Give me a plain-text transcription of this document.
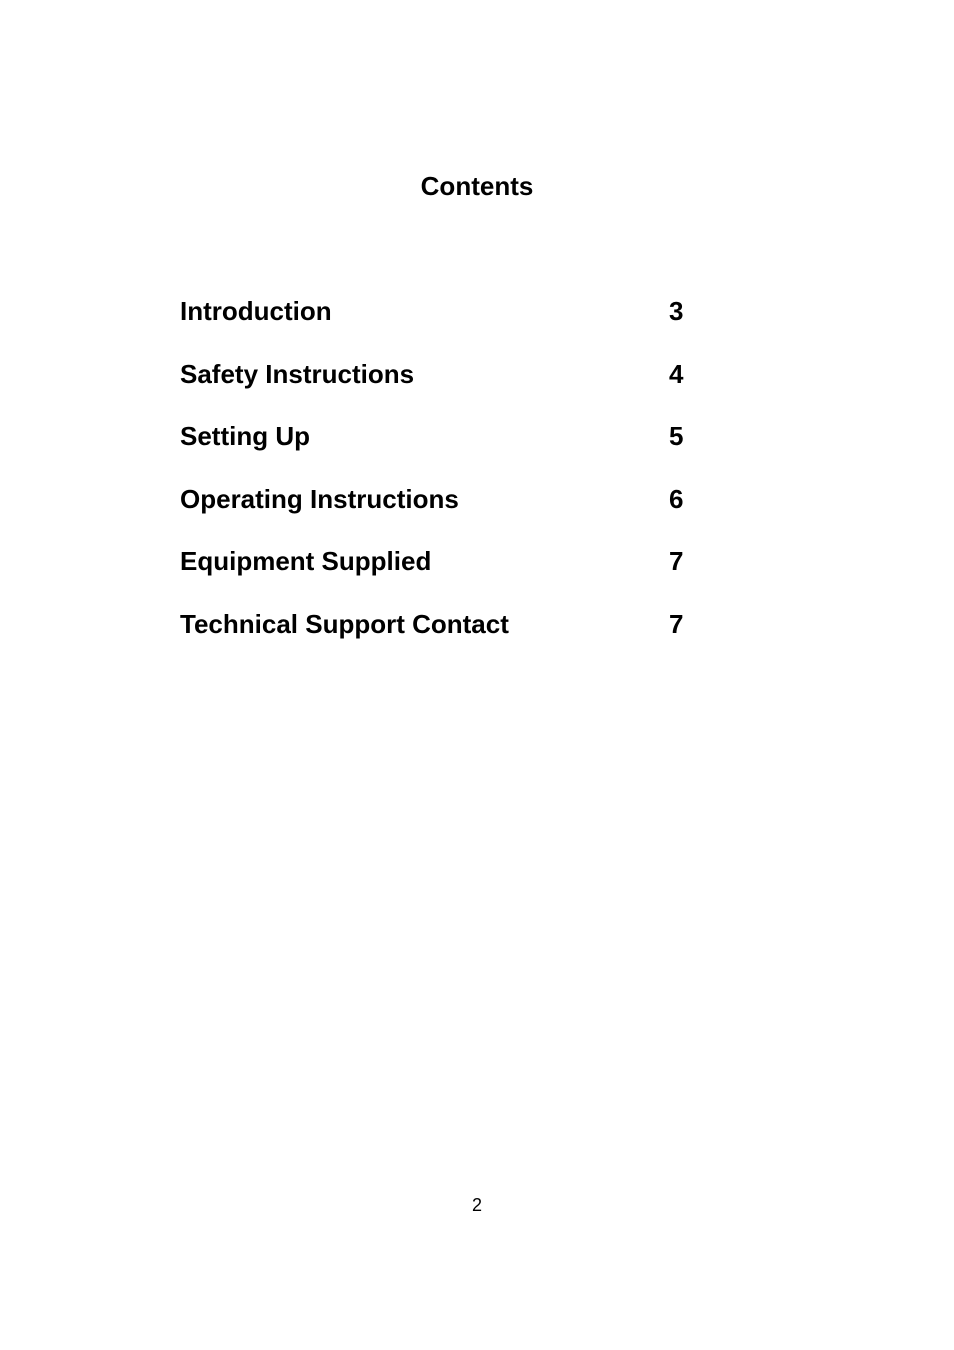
Contents
Introduction	3
Safety Instructions	4
Setting Up	5
Operating Instructions	6
Equipment Supplied	7
Technical Support Contact	7
2
